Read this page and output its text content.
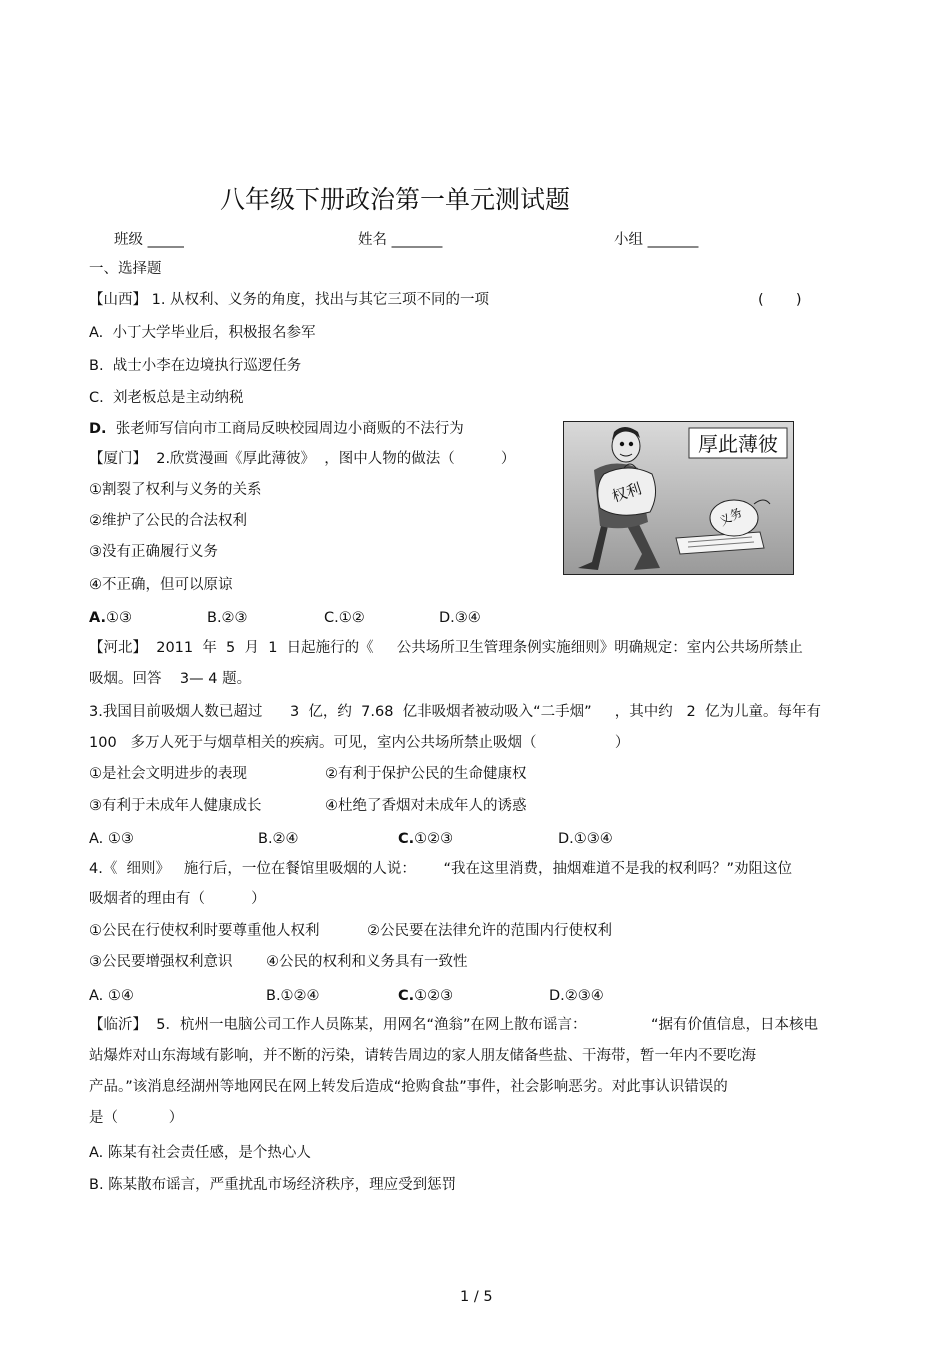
八年级下册政治第一单元测试题
班级 _____	姓名 _______	小组 _______
一、选择题
【山西】 1. 从权利、义务的角度，找出与其它三项不同的一项	(       )
A.  小丁大学毕业后，积极报名参军
B.  战士小李在边境执行巡逻任务
C.  刘老板总是主动纳税
D.  张老师写信向市工商局反映校园周边小商贩的不法行为
【厦门】  2.欣赏漫画《厚此薄彼》  ，图中人物的做法（          ）
①割裂了权利与义务的关系
②维护了公民的合法权利
③没有正确履行义务
④不正确，但可以原谅
A.①③	B.②③	C.①②	D.③④
厚此薄彼
权利
义务
【河北】  2011  年  5  月  1  日起施行的《     公共场所卫生管理条例实施细则》明确规定：室内公共场所禁止
吸烟。回答    3— 4 题。
3.我国目前吸烟人数已超过      3  亿，约  7.68  亿非吸烟者被动吸入“二手烟”     ，其中约   2  亿为儿童。每年有
100   多万人死于与烟草相关的疾病。可见，室内公共场所禁止吸烟（                 ）
①是社会文明进步的表现	②有利于保护公民的生命健康权
③有利于未成年人健康成长	④杜绝了香烟对未成年人的诱惑
A. ①③	B.②④	C.①②③	D.①③④
4.《  细则》   施行后，一位在餐馆里吸烟的人说：      “我在这里消费，抽烟难道不是我的权利吗？”劝阻这位
吸烟者的理由有（          ）
①公民在行使权利时要尊重他人权利	②公民要在法律允许的范围内行使权利
③公民要增强权利意识 ④公民的权利和义务具有一致性
A. ①④	B.①②④	C.①②③	D.②③④
【临沂】  5．杭州一电脑公司工作人员陈某，用网名“渔翁”在网上散布谣言：              “据有价值信息，日本核电
站爆炸对山东海域有影响，并不断的污染，请转告周边的家人朋友储备些盐、干海带，暂一年内不要吃海
产品。”该消息经湖州等地网民在网上转发后造成“抢购食盐”事件，社会影响恶劣。对此事认识错误的
是（           ）
A. 陈某有社会责任感，是个热心人
B. 陈某散布谣言，严重扰乱市场经济秩序，理应受到惩罚
1 / 5
